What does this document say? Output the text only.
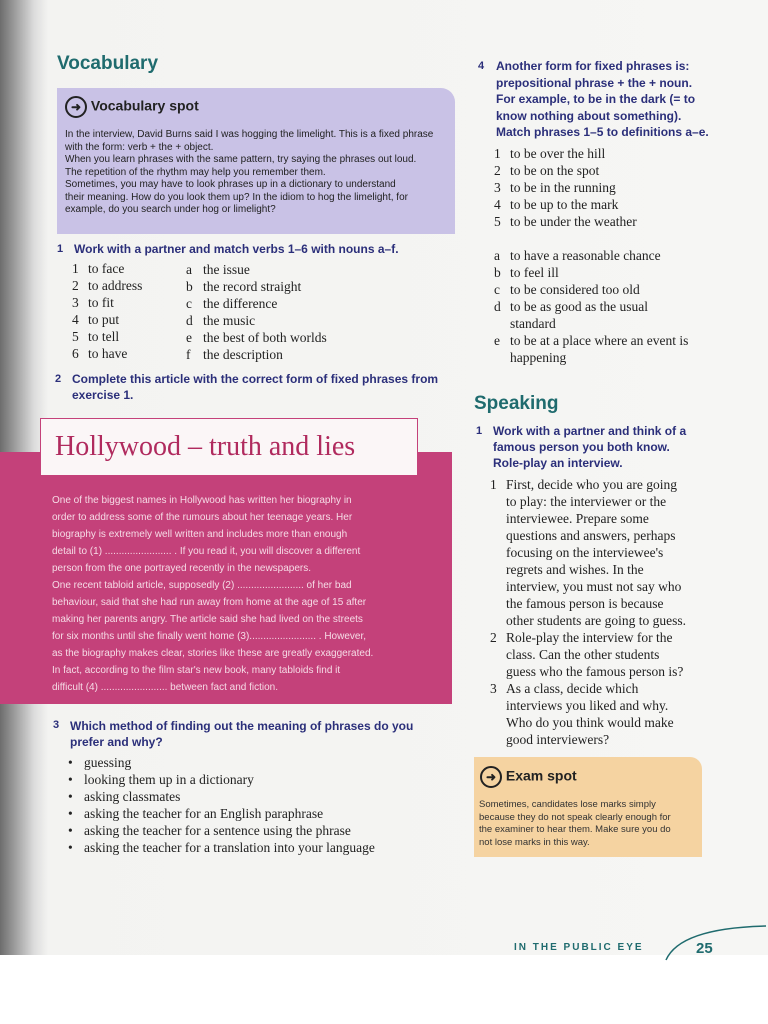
Vocabulary
➜ Vocabulary spot
In the interview, David Burns said I was hogging the limelight. This is a fixed phrase
with the form: verb + the + object.
When you learn phrases with the same pattern, try saying the phrases out loud.
The repetition of the rhythm may help you remember them.
Sometimes, you may have to look phrases up in a dictionary to understand
their meaning. How do you look them up? In the idiom to hog the limelight, for
example, do you search under hog or limelight?
1 Work with a partner and match verbs 1–6 with nouns a–f.
1 to face
2 to address
3 to fit
4 to put
5 to tell
6 to have
a the issue
b the record straight
c the difference
d the music
e the best of both worlds
f the description
2 Complete this article with the correct form of fixed phrases from
exercise 1.
Hollywood – truth and lies
One of the biggest names in Hollywood has written her biography in
order to address some of the rumours about her teenage years. Her
biography is extremely well written and includes more than enough
detail to (1) ........................ . If you read it, you will discover a different
person from the one portrayed recently in the newspapers.
One recent tabloid article, supposedly (2) ........................ of her bad
behaviour, said that she had run away from home at the age of 15 after
making her parents angry. The article said she had lived on the streets
for six months until she finally went home (3)........................ . However,
as the biography makes clear, stories like these are greatly exaggerated.
In fact, according to the film star's new book, many tabloids find it
difficult (4) ........................ between fact and fiction.
3 Which method of finding out the meaning of phrases do you
prefer and why?
• guessing
• looking them up in a dictionary
• asking classmates
• asking the teacher for an English paraphrase
• asking the teacher for a sentence using the phrase
• asking the teacher for a translation into your language
4 Another form for fixed phrases is:
prepositional phrase + the + noun.
For example, to be in the dark (= to
know nothing about something).
Match phrases 1–5 to definitions a–e.
1 to be over the hill
2 to be on the spot
3 to be in the running
4 to be up to the mark
5 to be under the weather
a to have a reasonable chance
b to feel ill
c to be considered too old
d to be as good as the usual
standard
e to be at a place where an event is
happening
Speaking
1 Work with a partner and think of a
famous person you both know.
Role-play an interview.
1 First, decide who you are going
to play: the interviewer or the
interviewee. Prepare some
questions and answers, perhaps
focusing on the interviewee's
regrets and wishes. In the
interview, you must not say who
the famous person is because
other students are going to guess.
2 Role-play the interview for the
class. Can the other students
guess who the famous person is?
3 As a class, decide which
interviews you liked and why.
Who do you think would make
good interviewers?
➜ Exam spot
Sometimes, candidates lose marks simply
because they do not speak clearly enough for
the examiner to hear them. Make sure you do
not lose marks in this way.
IN THE PUBLIC EYE	25
